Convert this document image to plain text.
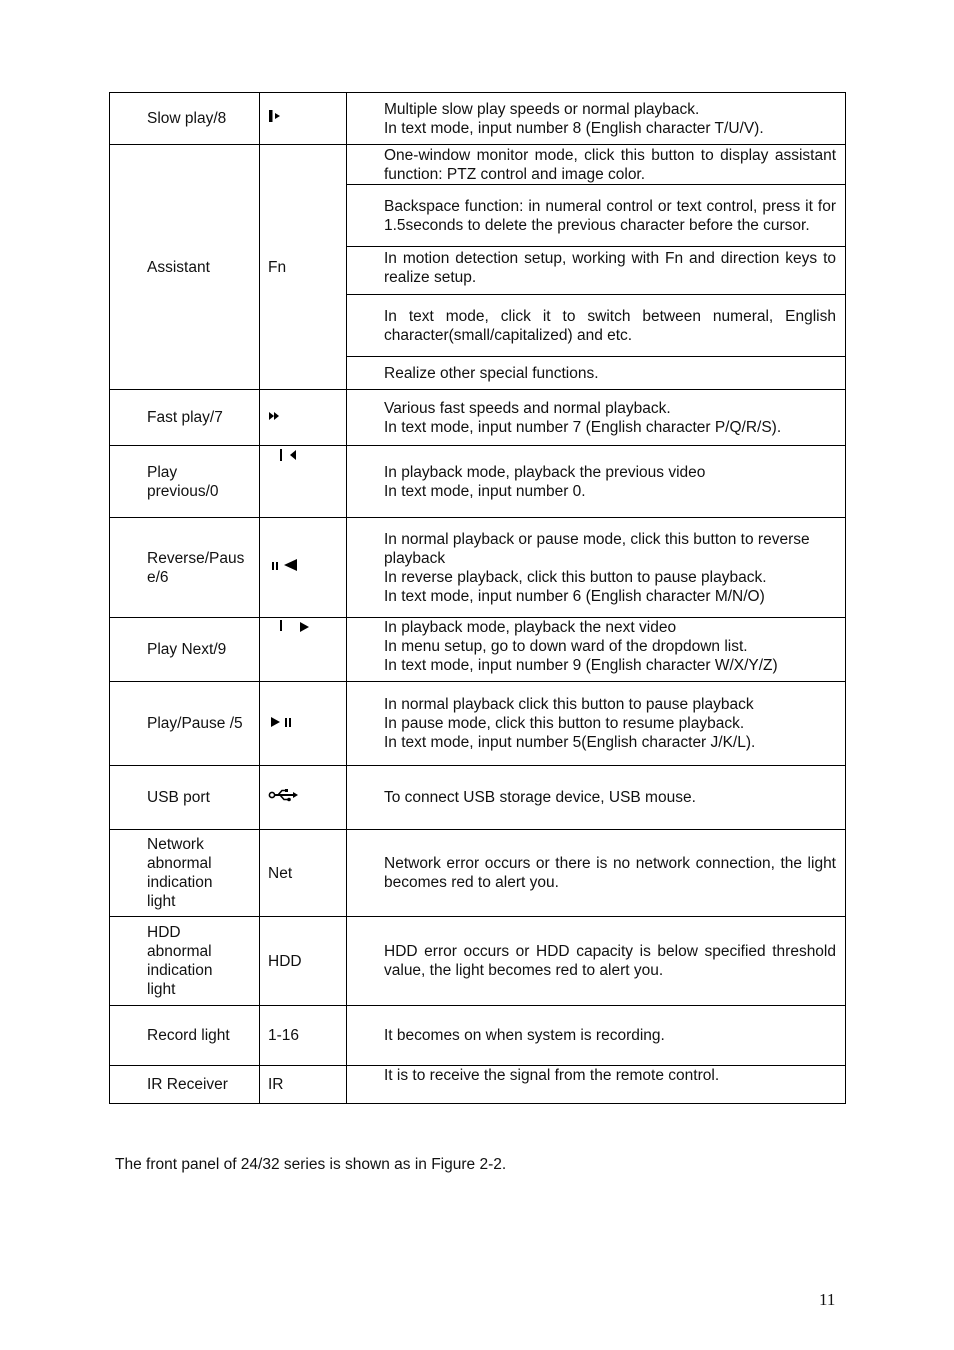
Slow play/8		Multiple slow play speeds or normal playback.
In text mode, input number 8 (English character T/U/V).

Assistant	Fn	One-window monitor mode, click this button to display assistant function: PTZ control and image color.

		Backspace function: in numeral control or text control, press it for 1.5seconds to delete the previous character before the cursor.

		In motion detection setup, working with Fn and direction keys to realize setup.

		In text mode, click it to switch between numeral, English character(small/capitalized) and etc.

		Realize other special functions.

Fast play/7		Various fast speeds and normal playback.
In text mode, input number 7 (English character P/Q/R/S).

Play previous/0		In playback mode, playback the previous video
In text mode, input number 0.

Reverse/Pause/6		In normal playback or pause mode, click this button to reverse
playback
In reverse playback, click this button to pause playback.
In text mode, input number 6 (English character M/N/O)

Play Next/9		In playback mode, playback the next video
In menu setup, go to down ward of the dropdown list.
In text mode, input number 9 (English character W/X/Y/Z)

Play/Pause /5		In normal playback click this button to pause playback
In pause mode, click this button to resume playback.
In text mode, input number 5(English character J/K/L).

USB port		To connect USB storage device, USB mouse.

Network abnormal indication light	Net	Network error occurs or there is no network connection, the light becomes red to alert you.

HDD abnormal indication light	HDD	HDD error occurs or HDD capacity is below specified threshold value, the light becomes red to alert you.

Record light	1-16	It becomes on when system is recording.

IR Receiver	IR	It is to receive the signal from the remote control.
The front panel of 24/32 series is shown as in Figure 2-2.
11
